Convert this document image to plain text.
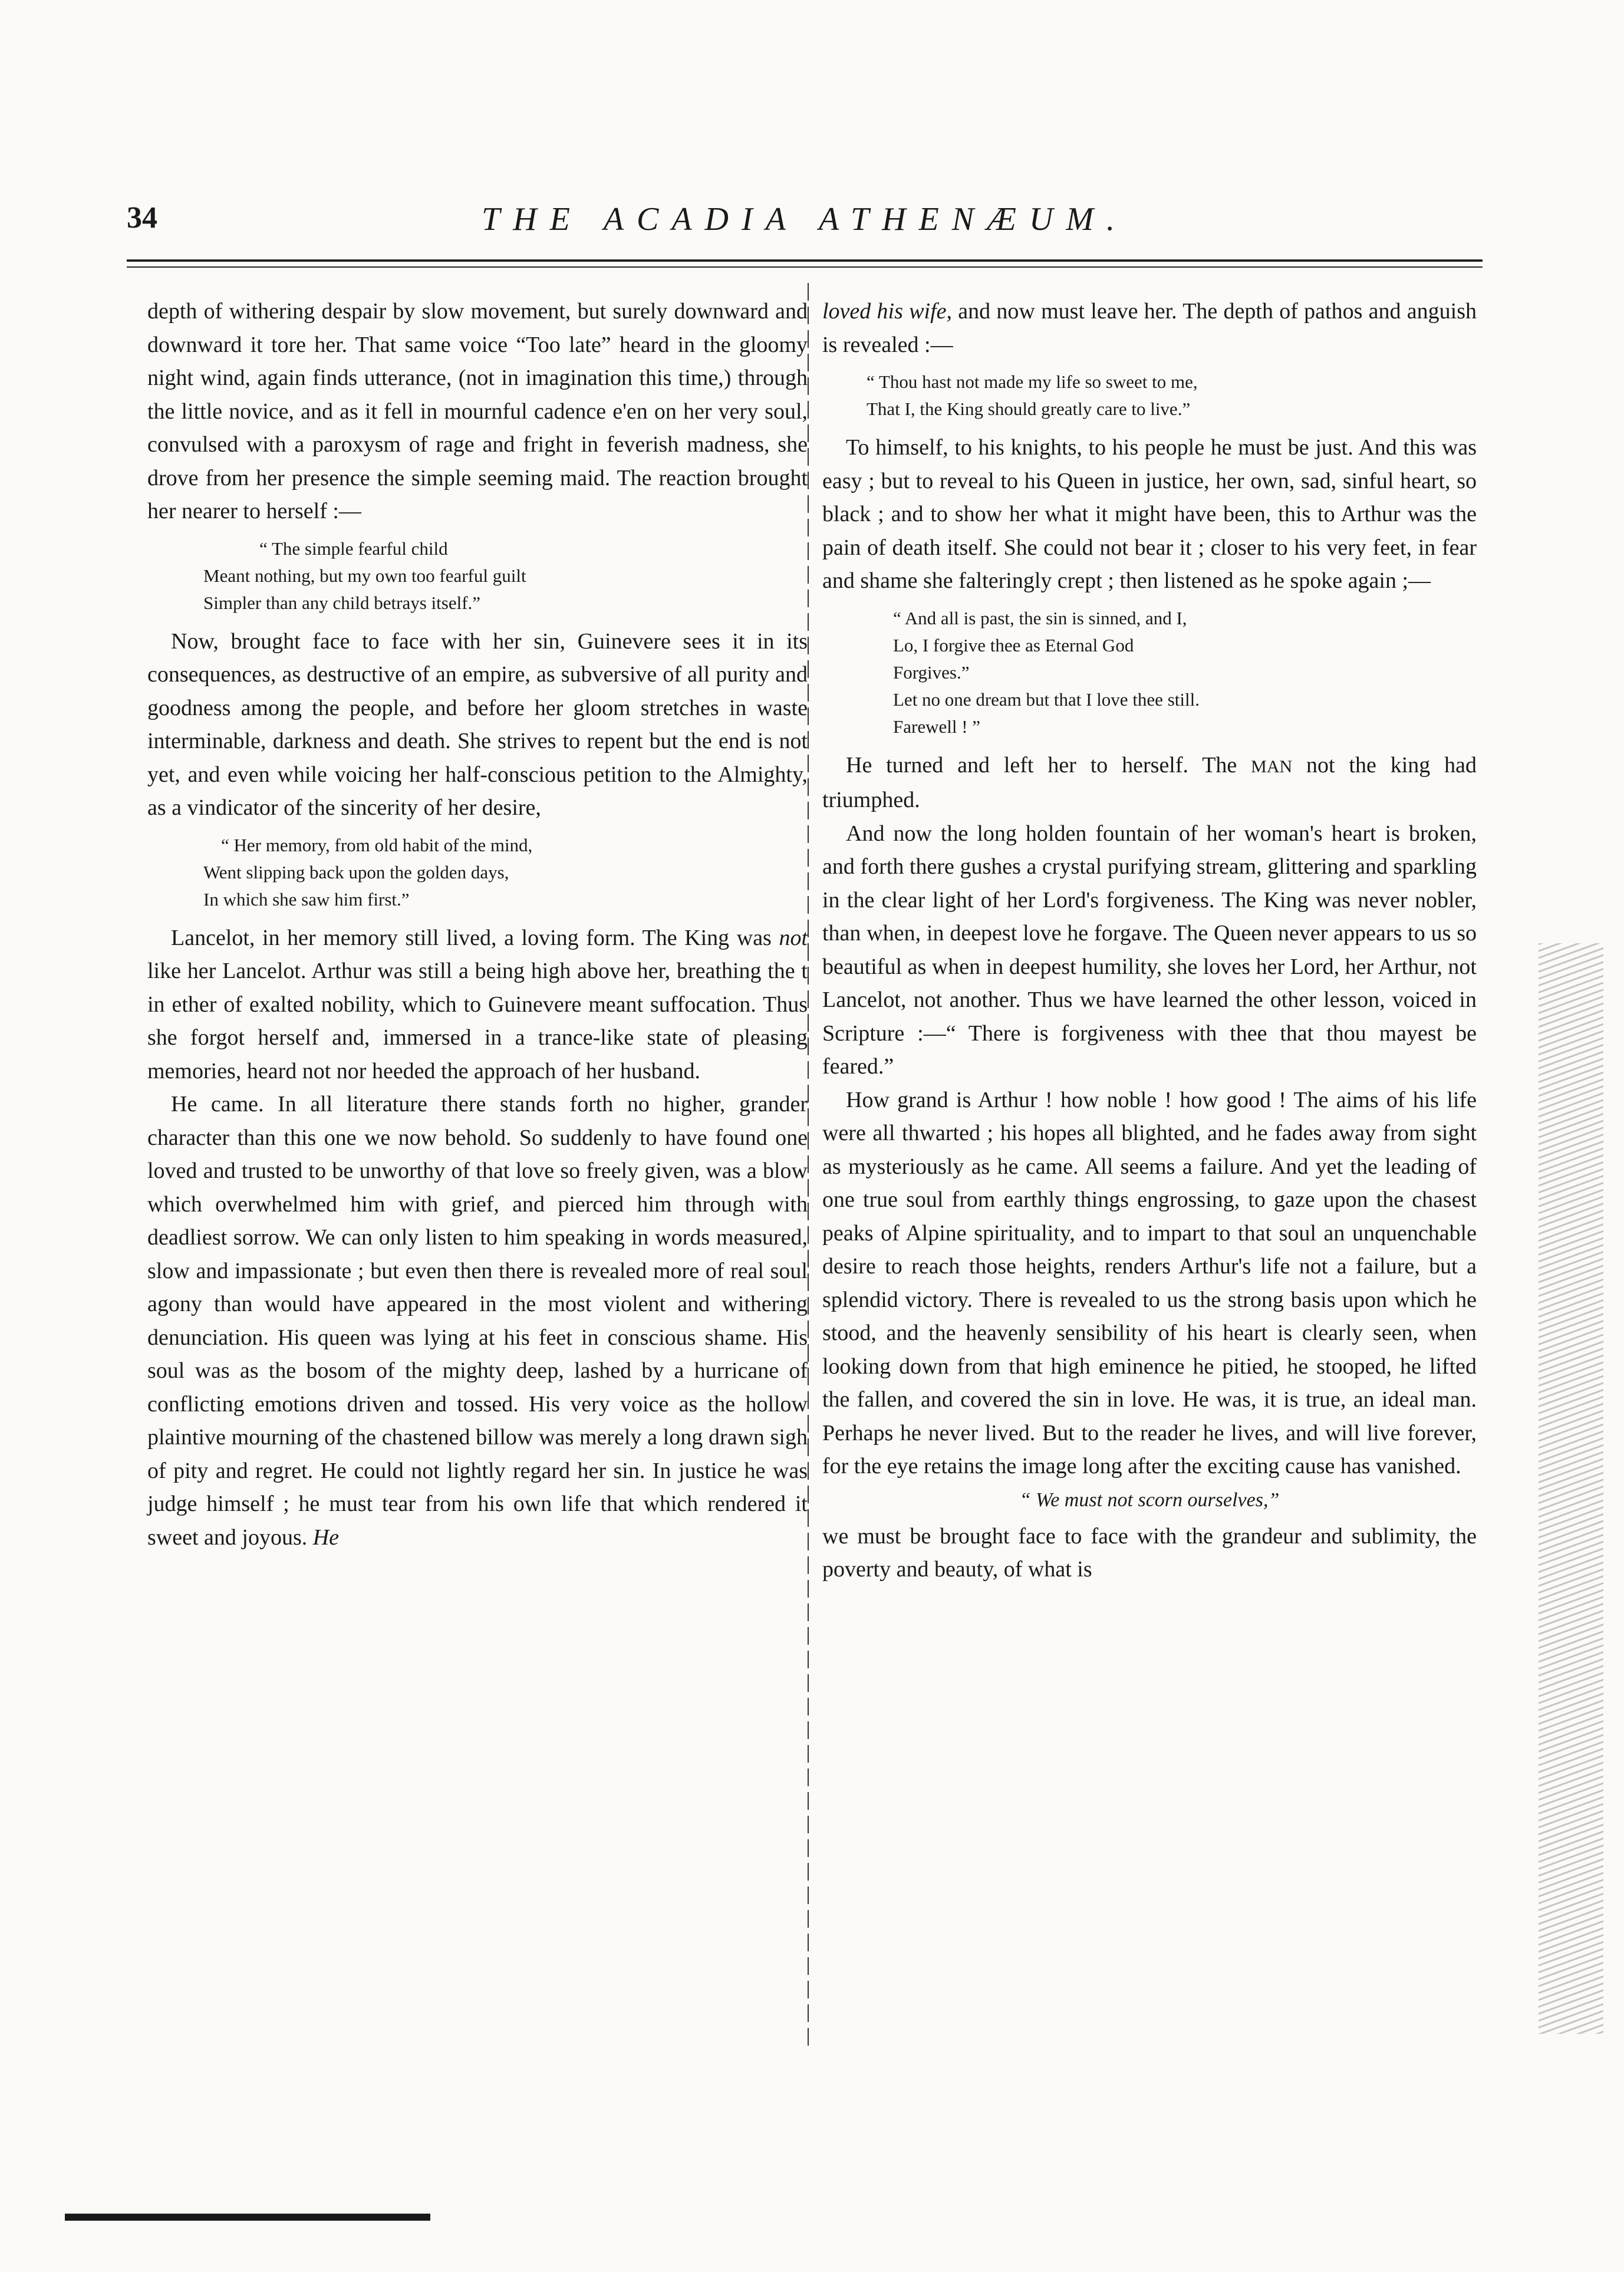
34	THE ACADIA ATHENÆUM.

depth of withering despair by slow movement, but surely downward and downward it tore her. That same voice “Too late” heard in the gloomy night wind, again finds utterance, (not in imagination this time,) through the little novice, and as it fell in mournful cadence e'en on her very soul, convulsed with a paroxysm of rage and fright in feverish madness, she drove from her presence the simple seeming maid. The reaction brought her nearer to herself :—

“ The simple fearful child
Meant nothing, but my own too fearful guilt
Simpler than any child betrays itself.”

Now, brought face to face with her sin, Guinevere sees it in its consequences, as destructive of an empire, as subversive of all purity and goodness among the people, and before her gloom stretches in waste interminable, darkness and death. She strives to repent but the end is not yet, and even while voicing her half-conscious petition to the Almighty, as a vindicator of the sincerity of her desire,

“ Her memory, from old habit of the mind,
Went slipping back upon the golden days,
In which she saw him first.”

Lancelot, in her memory still lived, a loving form. The King was not like her Lancelot. Arthur was still a being high above her, breathing the t in ether of exalted nobility, which to Guinevere meant suffocation. Thus she forgot herself and, immersed in a trance-like state of pleasing memories, heard not nor heeded the approach of her husband.

He came. In all literature there stands forth no higher, grander character than this one we now behold. So suddenly to have found one loved and trusted to be unworthy of that love so freely given, was a blow which overwhelmed him with grief, and pierced him through with deadliest sorrow. We can only listen to him speaking in words measured, slow and impassionate ; but even then there is revealed more of real soul agony than would have appeared in the most violent and withering denunciation. His queen was lying at his feet in conscious shame. His soul was as the bosom of the mighty deep, lashed by a hurricane of conflicting emotions driven and tossed. His very voice as the hollow plaintive mourning of the chastened billow was merely a long drawn sigh of pity and regret. He could not lightly regard her sin. In justice he was judge himself ; he must tear from his own life that which rendered it sweet and joyous. He

loved his wife, and now must leave her. The depth of pathos and anguish is revealed :—

“ Thou hast not made my life so sweet to me,
That I, the King should greatly care to live.”

To himself, to his knights, to his people he must be just. And this was easy ; but to reveal to his Queen in justice, her own, sad, sinful heart, so black ; and to show her what it might have been, this to Arthur was the pain of death itself. She could not bear it ; closer to his very feet, in fear and shame she falteringly crept ; then listened as he spoke again ;—

“ And all is past, the sin is sinned, and I,
Lo, I forgive thee as Eternal God
Forgives.”
Let no one dream but that I love thee still.
Farewell ! ”

He turned and left her to herself. The MAN not the king had triumphed.

And now the long holden fountain of her woman's heart is broken, and forth there gushes a crystal purifying stream, glittering and sparkling in the clear light of her Lord's forgiveness. The King was never nobler, than when, in deepest love he forgave. The Queen never appears to us so beautiful as when in deepest humility, she loves her Lord, her Arthur, not Lancelot, not another. Thus we have learned the other lesson, voiced in Scripture :—“ There is forgiveness with thee that thou mayest be feared.”

How grand is Arthur ! how noble ! how good ! The aims of his life were all thwarted ; his hopes all blighted, and he fades away from sight as mysteriously as he came. All seems a failure. And yet the leading of one true soul from earthly things engrossing, to gaze upon the chasest peaks of Alpine spirituality, and to impart to that soul an unquenchable desire to reach those heights, renders Arthur's life not a failure, but a splendid victory. There is revealed to us the strong basis upon which he stood, and the heavenly sensibility of his heart is clearly seen, when looking down from that high eminence he pitied, he stooped, he lifted the fallen, and covered the sin in love. He was, it is true, an ideal man. Perhaps he never lived. But to the reader he lives, and will live forever, for the eye retains the image long after the exciting cause has vanished.

“ We must not scorn ourselves,”

we must be brought face to face with the grandeur and sublimity, the poverty and beauty, of what is
